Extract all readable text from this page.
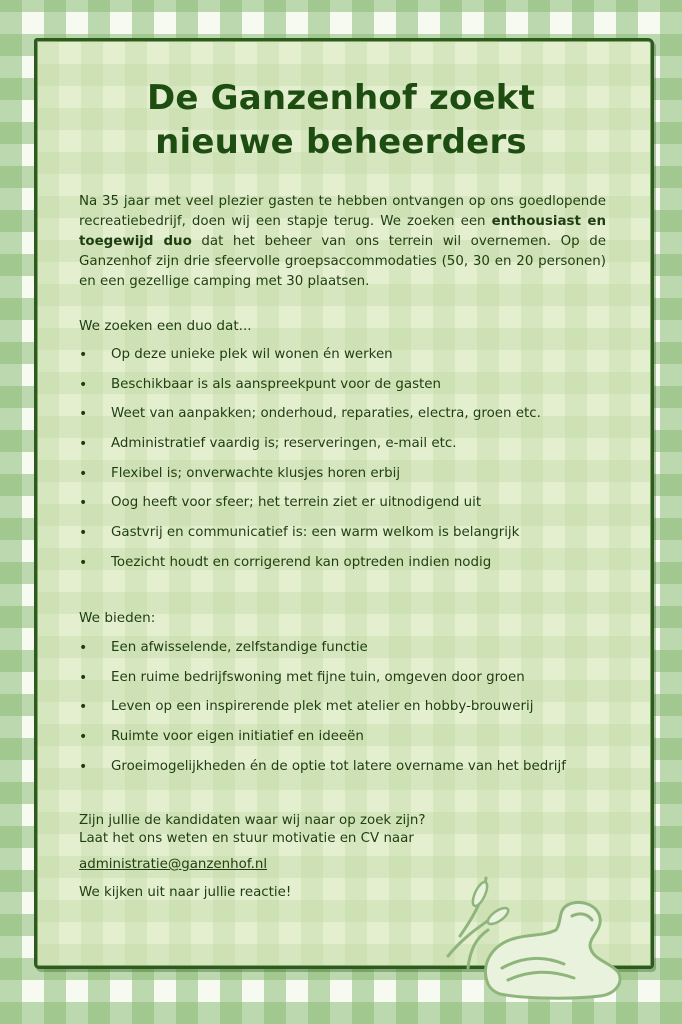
De Ganzenhof zoekt
nieuwe beheerders

Na 35 jaar met veel plezier gasten te hebben ontvangen op ons goedlopende recreatiebedrijf, doen wij een stapje terug. We zoeken een enthousiast en toegewijd duo dat het beheer van ons terrein wil overnemen. Op de Ganzenhof zijn drie sfeervolle groepsaccommodaties (50, 30 en 20 personen) en een gezellige camping met 30 plaatsen.

We zoeken een duo dat...

• Op deze unieke plek wil wonen én werken
• Beschikbaar is als aanspreekpunt voor de gasten
• Weet van aanpakken; onderhoud, reparaties, electra, groen etc.
• Administratief vaardig is; reserveringen, e-mail etc.
• Flexibel is; onverwachte klusjes horen erbij
• Oog heeft voor sfeer; het terrein ziet er uitnodigend uit
• Gastvrij en communicatief is: een warm welkom is belangrijk
• Toezicht houdt en corrigerend kan optreden indien nodig

We bieden:

• Een afwisselende, zelfstandige functie
• Een ruime bedrijfswoning met fijne tuin, omgeven door groen
• Leven op een inspirerende plek met atelier en hobby-brouwerij
• Ruimte voor eigen initiatief en ideeën
• Groeimogelijkheden én de optie tot latere overname van het bedrijf

Zijn jullie de kandidaten waar wij naar op zoek zijn?

Laat het ons weten en stuur motivatie en CV naar

administratie@ganzenhof.nl

We kijken uit naar jullie reactie!
